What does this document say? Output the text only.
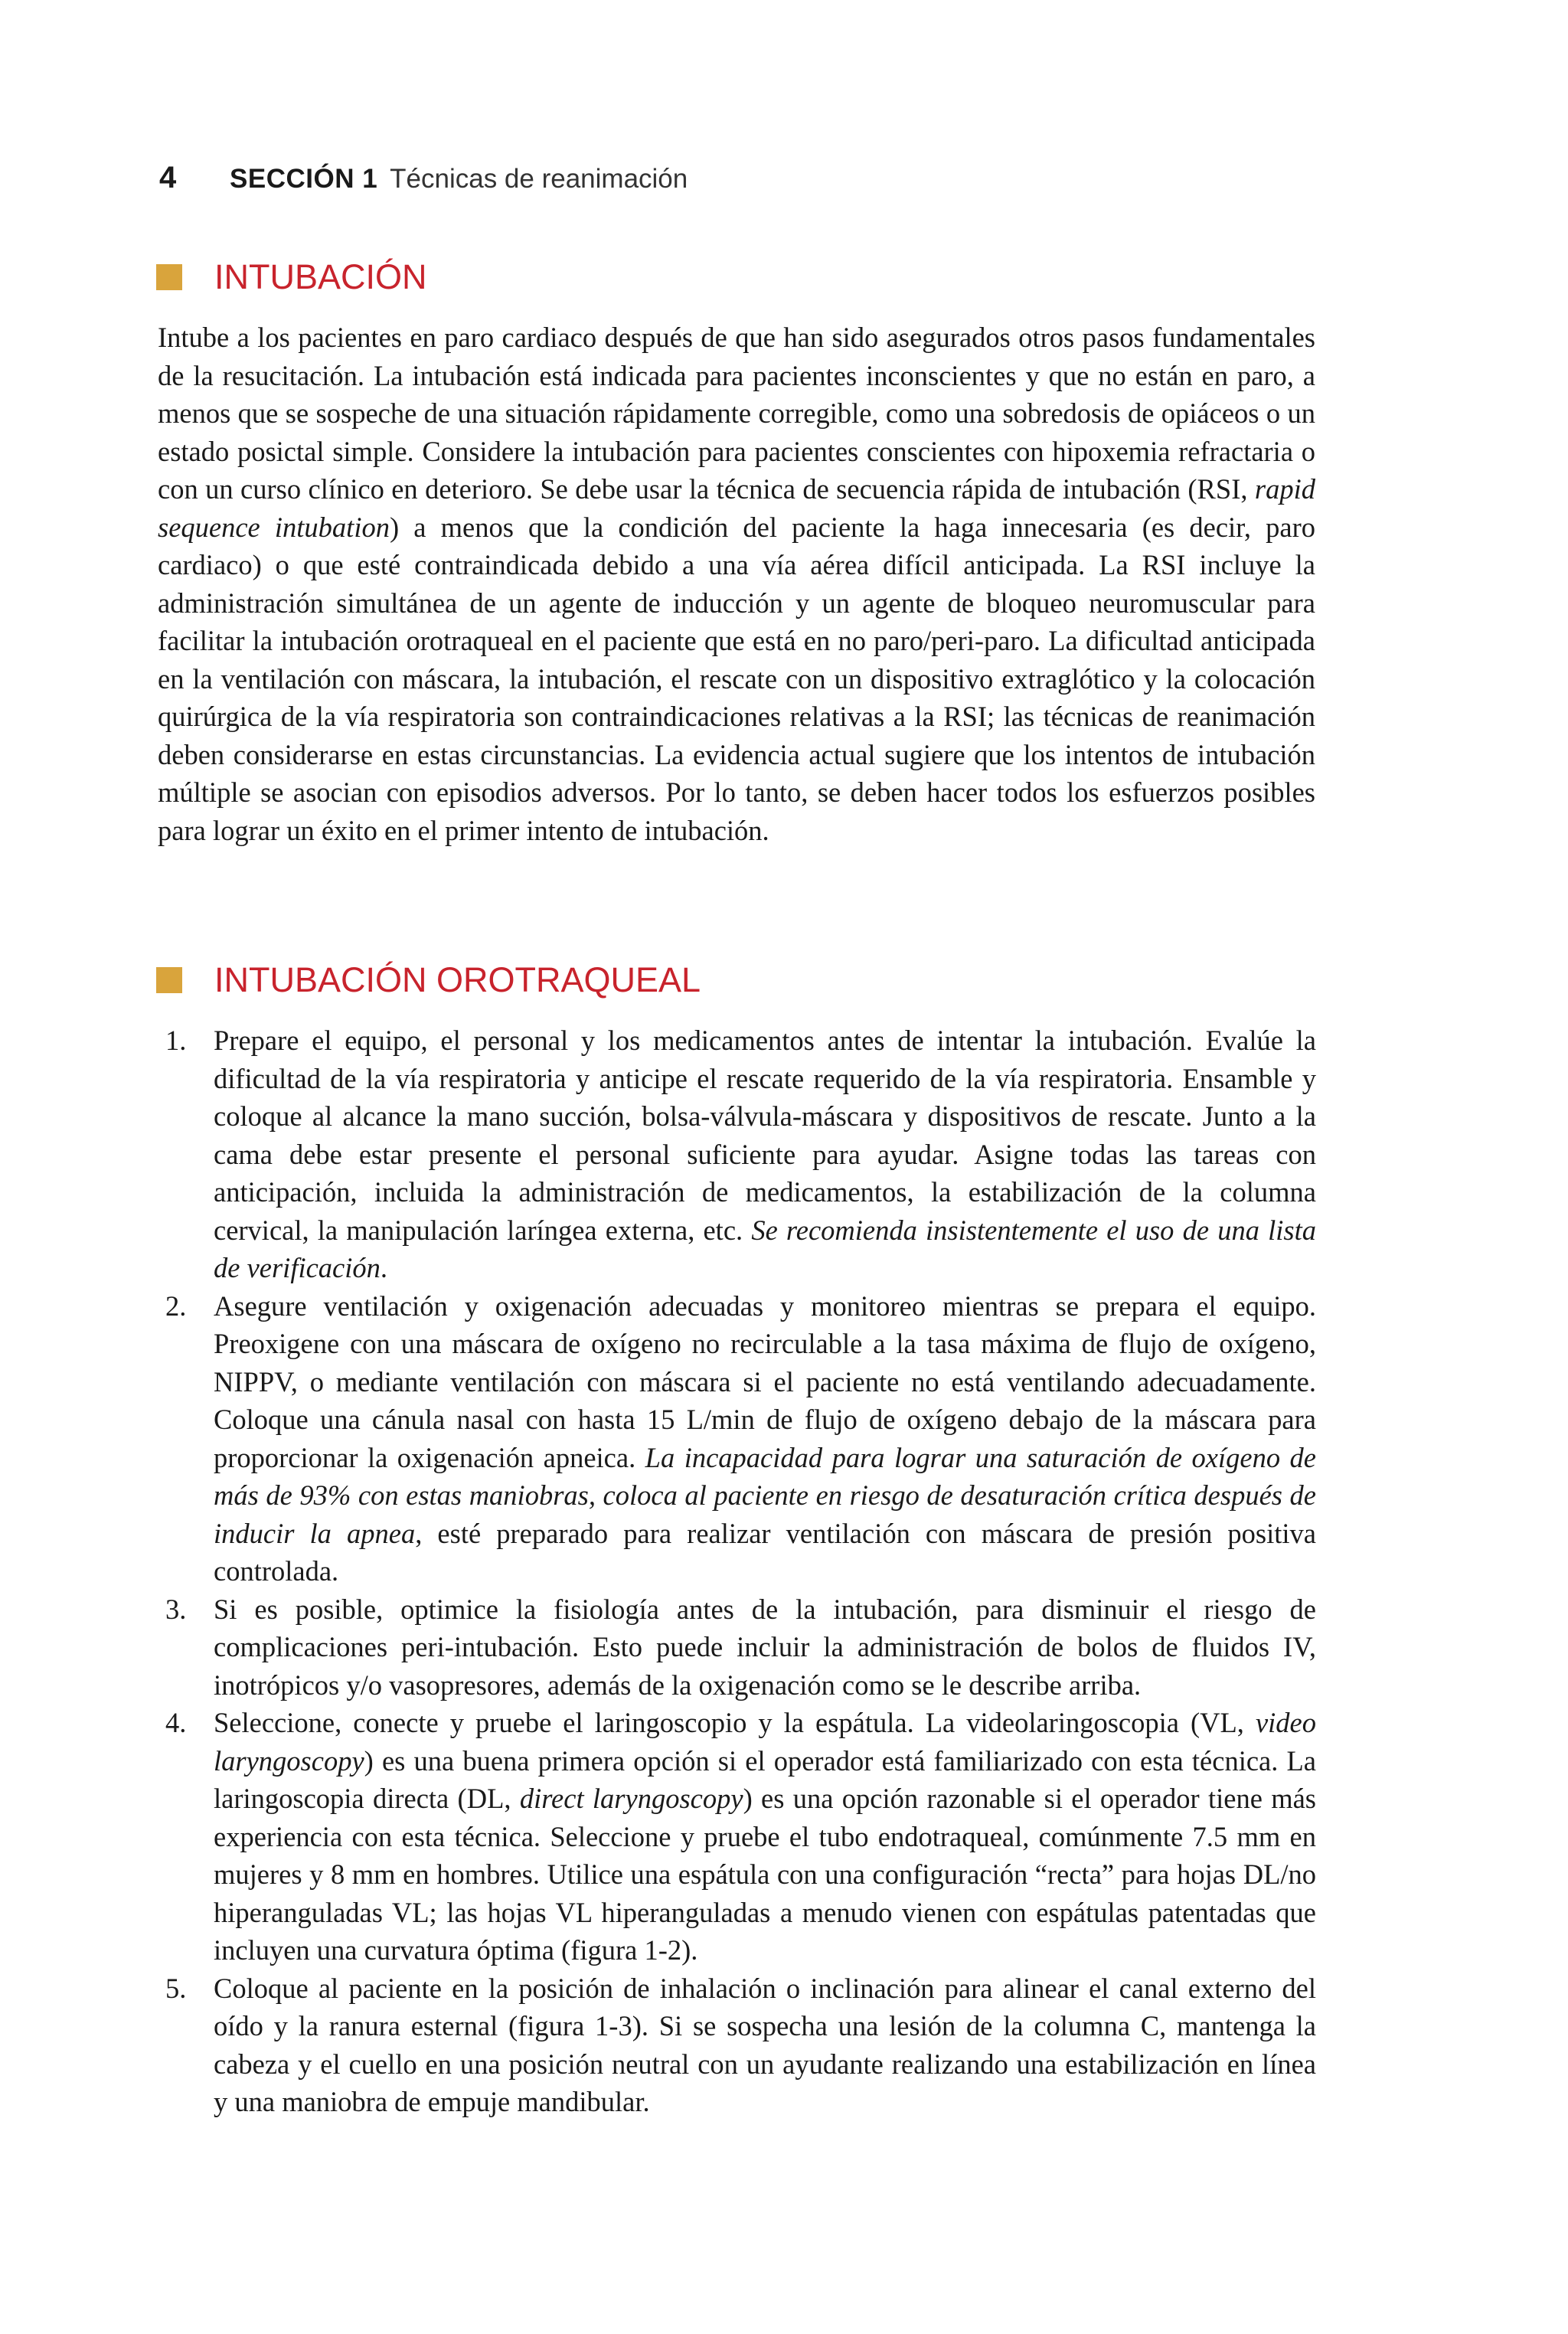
4	SECCIÓN 1 Técnicas de reanimación
INTUBACIÓN

Intube a los pacientes en paro cardiaco después de que han sido asegurados otros pasos fundamentales de la resucitación. La intubación está indicada para pacientes inconscientes y que no están en paro, a menos que se sospeche de una situación rápidamente corregible, como una sobredosis de opiáceos o un estado posictal simple. Considere la intubación para pacientes conscientes con hipoxemia refractaria o con un curso clínico en deterioro. Se debe usar la técnica de secuencia rápida de intubación (RSI, rapid sequence intubation) a menos que la condición del paciente la haga innecesaria (es decir, paro cardiaco) o que esté contraindicada debido a una vía aérea difícil anticipada. La RSI incluye la administración simultánea de un agente de inducción y un agente de bloqueo neuromuscular para facilitar la intubación orotraqueal en el paciente que está en no paro/peri-paro. La dificultad anticipada en la ventilación con máscara, la intubación, el rescate con un dispositivo extraglótico y la colocación quirúrgica de la vía respiratoria son contraindicaciones relativas a la RSI; las técnicas de reanimación deben considerarse en estas circunstancias. La evidencia actual sugiere que los intentos de intubación múltiple se asocian con episodios adversos. Por lo tanto, se deben hacer todos los esfuerzos posibles para lograr un éxito en el primer intento de intubación.

INTUBACIÓN OROTRAQUEAL
1. Prepare el equipo, el personal y los medicamentos antes de intentar la intubación. Evalúe la dificultad de la vía respiratoria y anticipe el rescate requerido de la vía respiratoria. Ensamble y coloque al alcance la mano succión, bolsa-válvula-máscara y dispositivos de rescate. Junto a la cama debe estar presente el personal suficiente para ayudar. Asigne todas las tareas con anticipación, incluida la administración de medicamentos, la estabilización de la columna cervical, la manipulación laríngea externa, etc. Se recomienda insistentemente el uso de una lista de verificación.
2. Asegure ventilación y oxigenación adecuadas y monitoreo mientras se prepara el equipo. Preoxigene con una máscara de oxígeno no recirculable a la tasa máxima de flujo de oxígeno, NIPPV, o mediante ventilación con máscara si el paciente no está ventilando adecuadamente. Coloque una cánula nasal con hasta 15 L/min de flujo de oxígeno debajo de la máscara para proporcionar la oxigenación apneica. La incapacidad para lograr una saturación de oxígeno de más de 93% con estas maniobras, coloca al paciente en riesgo de desaturación crítica después de inducir la apnea, esté preparado para realizar ventilación con máscara de presión positiva controlada.
3. Si es posible, optimice la fisiología antes de la intubación, para disminuir el riesgo de complicaciones peri-intubación. Esto puede incluir la administración de bolos de fluidos IV, inotrópicos y/o vasopresores, además de la oxigenación como se le describe arriba.
4. Seleccione, conecte y pruebe el laringoscopio y la espátula. La videolaringoscopia (VL, video laryngoscopy) es una buena primera opción si el operador está familiarizado con esta técnica. La laringoscopia directa (DL, direct laryngoscopy) es una opción razonable si el operador tiene más experiencia con esta técnica. Seleccione y pruebe el tubo endotraqueal, comúnmente 7.5 mm en mujeres y 8 mm en hombres. Utilice una espátula con una configuración “recta” para hojas DL/no hiperanguladas VL; las hojas VL hiperanguladas a menudo vienen con espátulas patentadas que incluyen una curvatura óptima (figura 1-2).
5. Coloque al paciente en la posición de inhalación o inclinación para alinear el canal externo del oído y la ranura esternal (figura 1-3). Si se sospecha una lesión de la columna C, mantenga la cabeza y el cuello en una posición neutral con un ayudante realizando una estabilización en línea y una maniobra de empuje mandibular.
